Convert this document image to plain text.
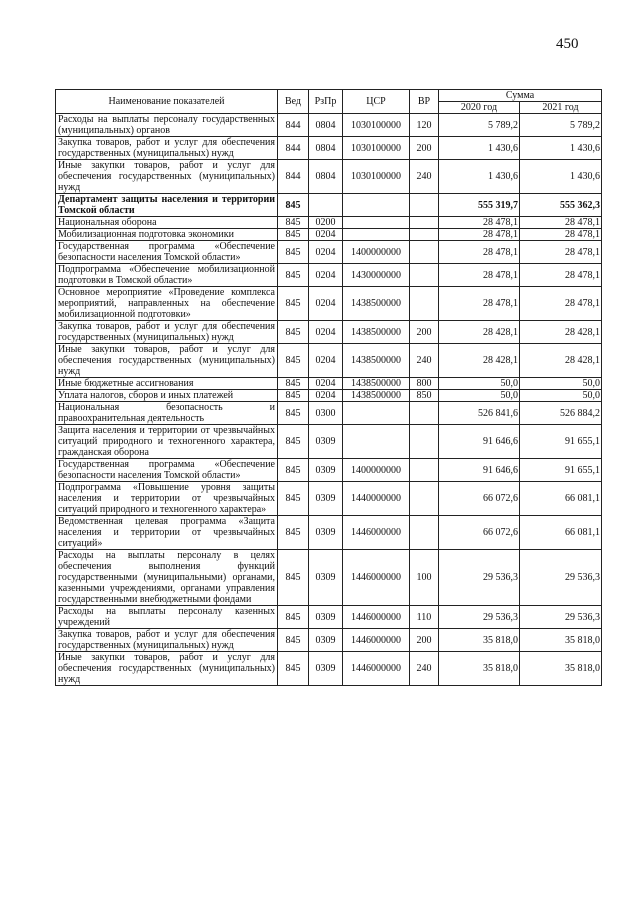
450
Наименование показателей	Вед	РзПр	ЦСР	ВР	Сумма	
					2020 год	2021 год
Расходы на выплаты персоналу государственных (муниципальных) органов	844	0804	1030100000	120	5 789,2	5 789,2
Закупка товаров, работ и услуг для обеспечения государственных (муниципальных) нужд	844	0804	1030100000	200	1 430,6	1 430,6
Иные закупки товаров, работ и услуг для обеспечения государственных (муниципальных) нужд	844	0804	1030100000	240	1 430,6	1 430,6
Департамент защиты населения и территории Томской области	845				555 319,7	555 362,3
Национальная оборона	845	0200			28 478,1	28 478,1
Мобилизационная подготовка экономики	845	0204			28 478,1	28 478,1
Государственная программа «Обеспечение безопасности населения Томской области»	845	0204	1400000000		28 478,1	28 478,1
Подпрограмма «Обеспечение мобилизационной подготовки в Томской области»	845	0204	1430000000		28 478,1	28 478,1
Основное мероприятие «Проведение комплекса мероприятий, направленных на обеспечение мобилизационной подготовки»	845	0204	1438500000		28 478,1	28 478,1
Закупка товаров, работ и услуг для обеспечения государственных (муниципальных) нужд	845	0204	1438500000	200	28 428,1	28 428,1
Иные закупки товаров, работ и услуг для обеспечения государственных (муниципальных) нужд	845	0204	1438500000	240	28 428,1	28 428,1
Иные бюджетные ассигнования	845	0204	1438500000	800	50,0	50,0
Уплата налогов, сборов и иных платежей	845	0204	1438500000	850	50,0	50,0
Национальная безопасность и правоохранительная деятельность	845	0300			526 841,6	526 884,2
Защита населения и территории от чрезвычайных ситуаций природного и техногенного характера, гражданская оборона	845	0309			91 646,6	91 655,1
Государственная программа «Обеспечение безопасности населения Томской области»	845	0309	1400000000		91 646,6	91 655,1
Подпрограмма «Повышение уровня защиты населения и территории от чрезвычайных ситуаций природного и техногенного характера»	845	0309	1440000000		66 072,6	66 081,1
Ведомственная целевая программа «Защита населения и территории от чрезвычайных ситуаций»	845	0309	1446000000		66 072,6	66 081,1
Расходы на выплаты персоналу в целях обеспечения выполнения функций государственными (муниципальными) органами, казенными учреждениями, органами управления государственными внебюджетными фондами	845	0309	1446000000	100	29 536,3	29 536,3
Расходы на выплаты персоналу казенных учреждений	845	0309	1446000000	110	29 536,3	29 536,3
Закупка товаров, работ и услуг для обеспечения государственных (муниципальных) нужд	845	0309	1446000000	200	35 818,0	35 818,0
Иные закупки товаров, работ и услуг для обеспечения государственных (муниципальных) нужд	845	0309	1446000000	240	35 818,0	35 818,0
